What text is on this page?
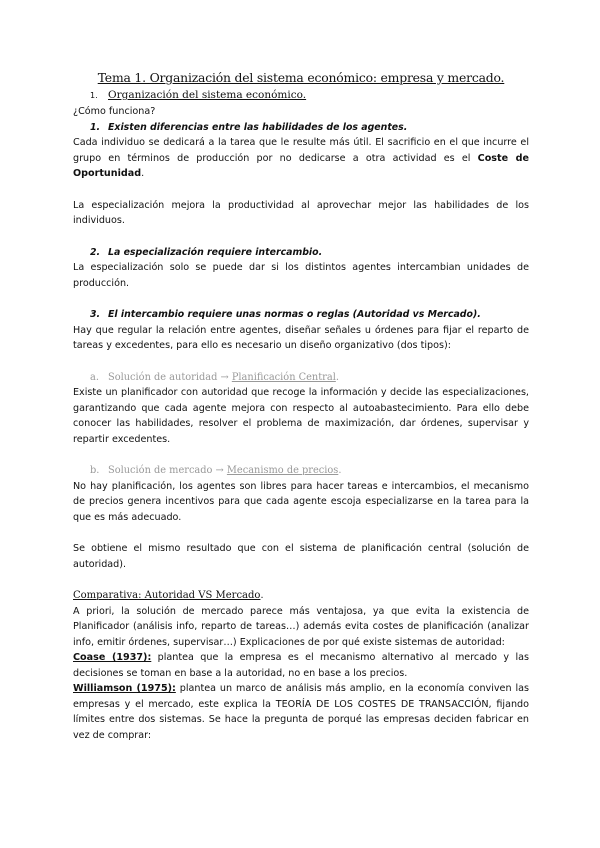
Tema 1. Organización del sistema económico: empresa y mercado.
1. Organización del sistema económico.

¿Cómo funciona?

1. Existen diferencias entre las habilidades de los agentes.

Cada individuo se dedicará a la tarea que le resulte más útil. El sacrificio en el que incurre el grupo en términos de producción por no dedicarse a otra actividad es el Coste de Oportunidad.

La especialización mejora la productividad al aprovechar mejor las habilidades de los individuos.

2. La especialización requiere intercambio.

La especialización solo se puede dar si los distintos agentes intercambian unidades de producción.

3. El intercambio requiere unas normas o reglas (Autoridad vs Mercado).

Hay que regular la relación entre agentes, diseñar señales u órdenes para fijar el reparto de tareas y excedentes, para ello es necesario un diseño organizativo (dos tipos):

a. Solución de autoridad → Planificación Central.

Existe un planificador con autoridad que recoge la información y decide las especializaciones, garantizando que cada agente mejora con respecto al autoabastecimiento. Para ello debe conocer las habilidades, resolver el problema de maximización, dar órdenes, supervisar y repartir excedentes.

b. Solución de mercado → Mecanismo de precios.

No hay planificación, los agentes son libres para hacer tareas e intercambios, el mecanismo de precios genera incentivos para que cada agente escoja especializarse en la tarea para la que es más adecuado.

Se obtiene el mismo resultado que con el sistema de planificación central (solución de autoridad).

Comparativa: Autoridad VS Mercado.

A priori, la solución de mercado parece más ventajosa, ya que evita la existencia de Planificador (análisis info, reparto de tareas…) además evita costes de planificación (analizar info, emitir órdenes, supervisar…) Explicaciones de por qué existe sistemas de autoridad:

Coase (1937): plantea que la empresa es el mecanismo alternativo al mercado y las decisiones se toman en base a la autoridad, no en base a los precios.

Williamson (1975): plantea un marco de análisis más amplio, en la economía conviven las empresas y el mercado, este explica la TEORÍA DE LOS COSTES DE TRANSACCIÓN, fijando límites entre dos sistemas. Se hace la pregunta de porqué las empresas deciden fabricar en vez de comprar:
